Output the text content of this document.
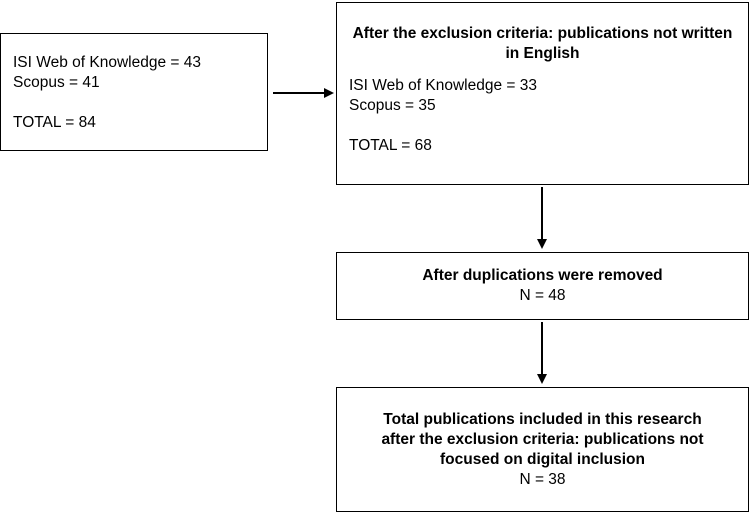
ISI Web of Knowledge = 43
Scopus = 41
TOTAL = 84
After the exclusion criteria: publications not written in English
ISI Web of Knowledge = 33
Scopus = 35
TOTAL = 68
After duplications were removed
N = 48
Total publications included in this research
after the exclusion criteria: publications not
focused on digital inclusion
N = 38
